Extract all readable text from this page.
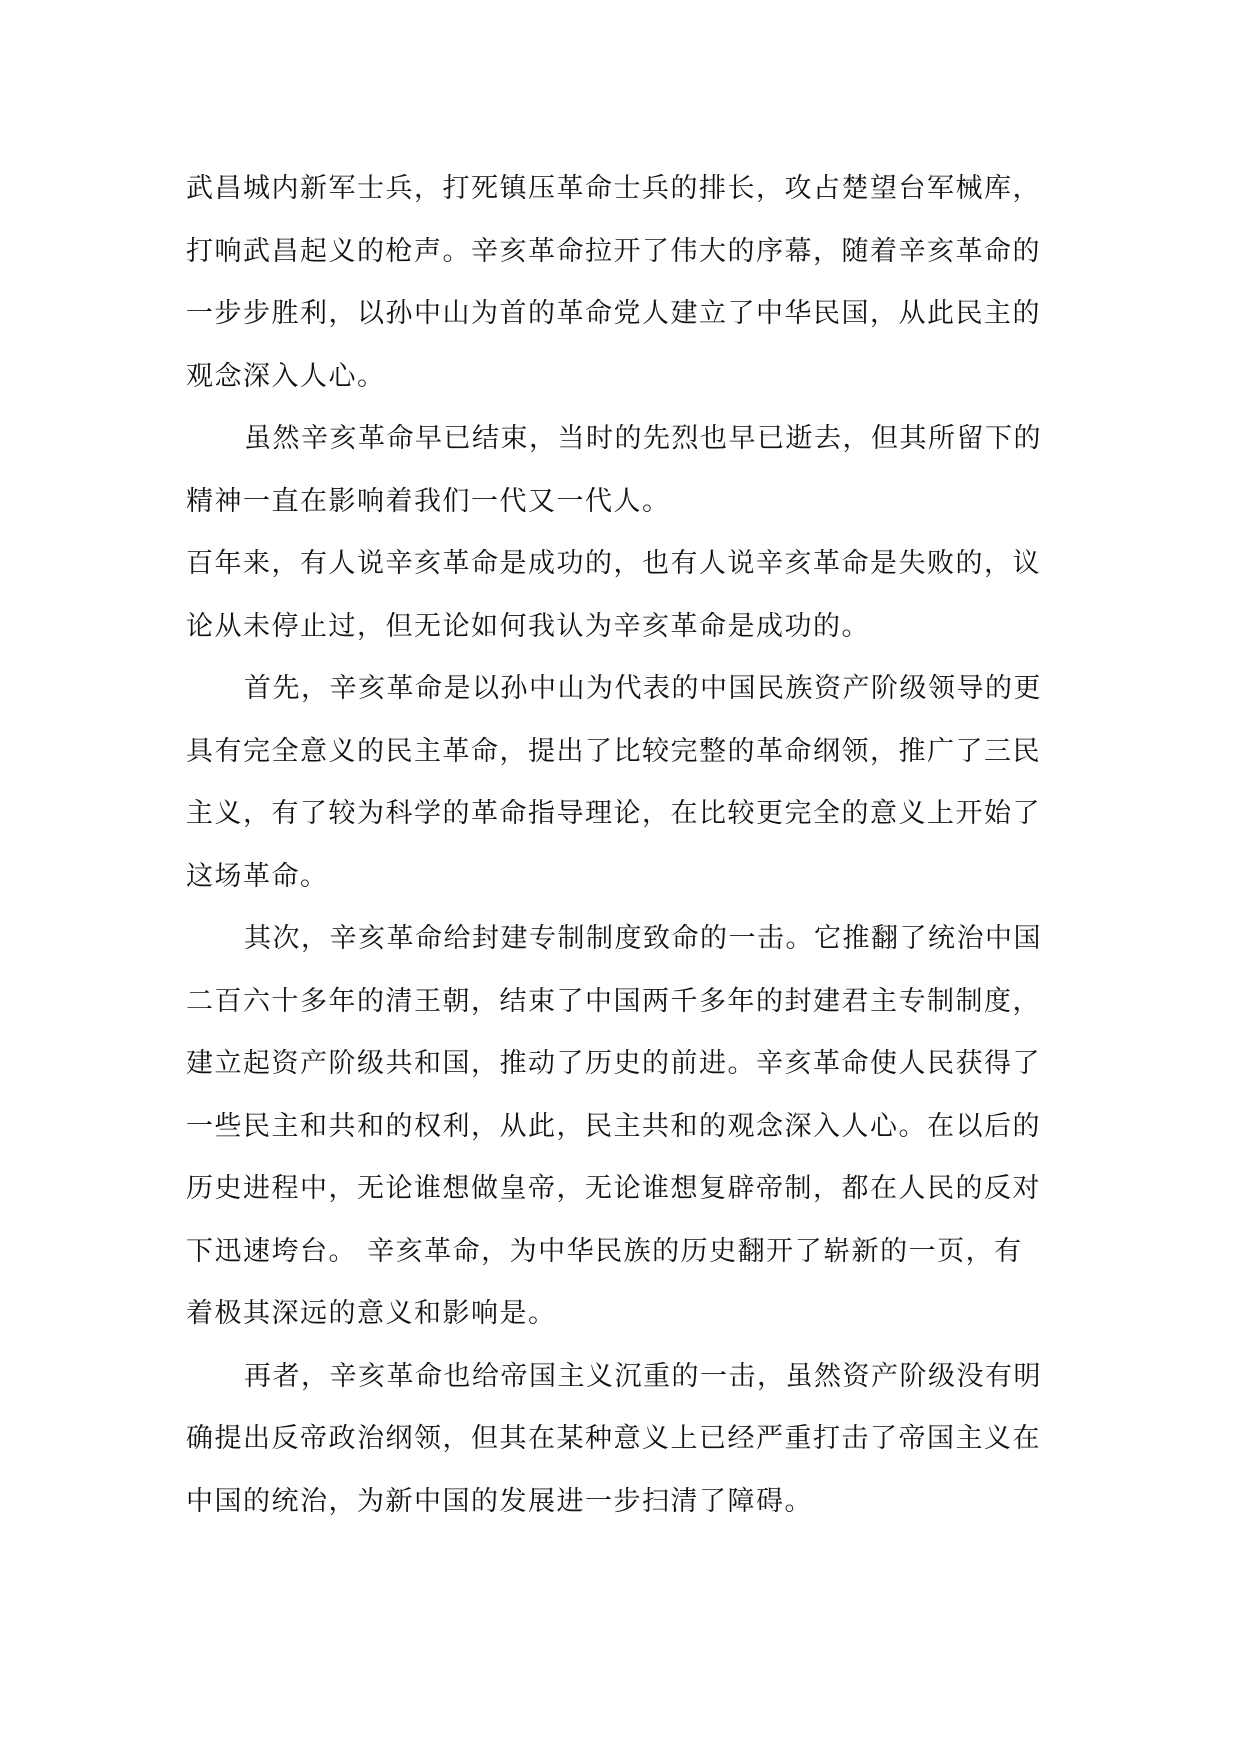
武昌城内新军士兵，打死镇压革命士兵的排长，攻占楚望台军械库，
打响武昌起义的枪声。辛亥革命拉开了伟大的序幕，随着辛亥革命的
一步步胜利，以孙中山为首的革命党人建立了中华民国，从此民主的
观念深入人心。

虽然辛亥革命早已结束，当时的先烈也早已逝去，但其所留下的
精神一直在影响着我们一代又一代人。

百年来，有人说辛亥革命是成功的，也有人说辛亥革命是失败的，议
论从未停止过，但无论如何我认为辛亥革命是成功的。

首先，辛亥革命是以孙中山为代表的中国民族资产阶级领导的更
具有完全意义的民主革命，提出了比较完整的革命纲领，推广了三民
主义，有了较为科学的革命指导理论，在比较更完全的意义上开始了
这场革命。

其次，辛亥革命给封建专制制度致命的一击。它推翻了统治中国
二百六十多年的清王朝，结束了中国两千多年的封建君主专制制度，
建立起资产阶级共和国，推动了历史的前进。辛亥革命使人民获得了
一些民主和共和的权利，从此，民主共和的观念深入人心。在以后的
历史进程中，无论谁想做皇帝，无论谁想复辟帝制，都在人民的反对
下迅速垮台。 辛亥革命，为中华民族的历史翻开了崭新的一页，有
着极其深远的意义和影响是。

再者，辛亥革命也给帝国主义沉重的一击，虽然资产阶级没有明
确提出反帝政治纲领，但其在某种意义上已经严重打击了帝国主义在
中国的统治，为新中国的发展进一步扫清了障碍。
